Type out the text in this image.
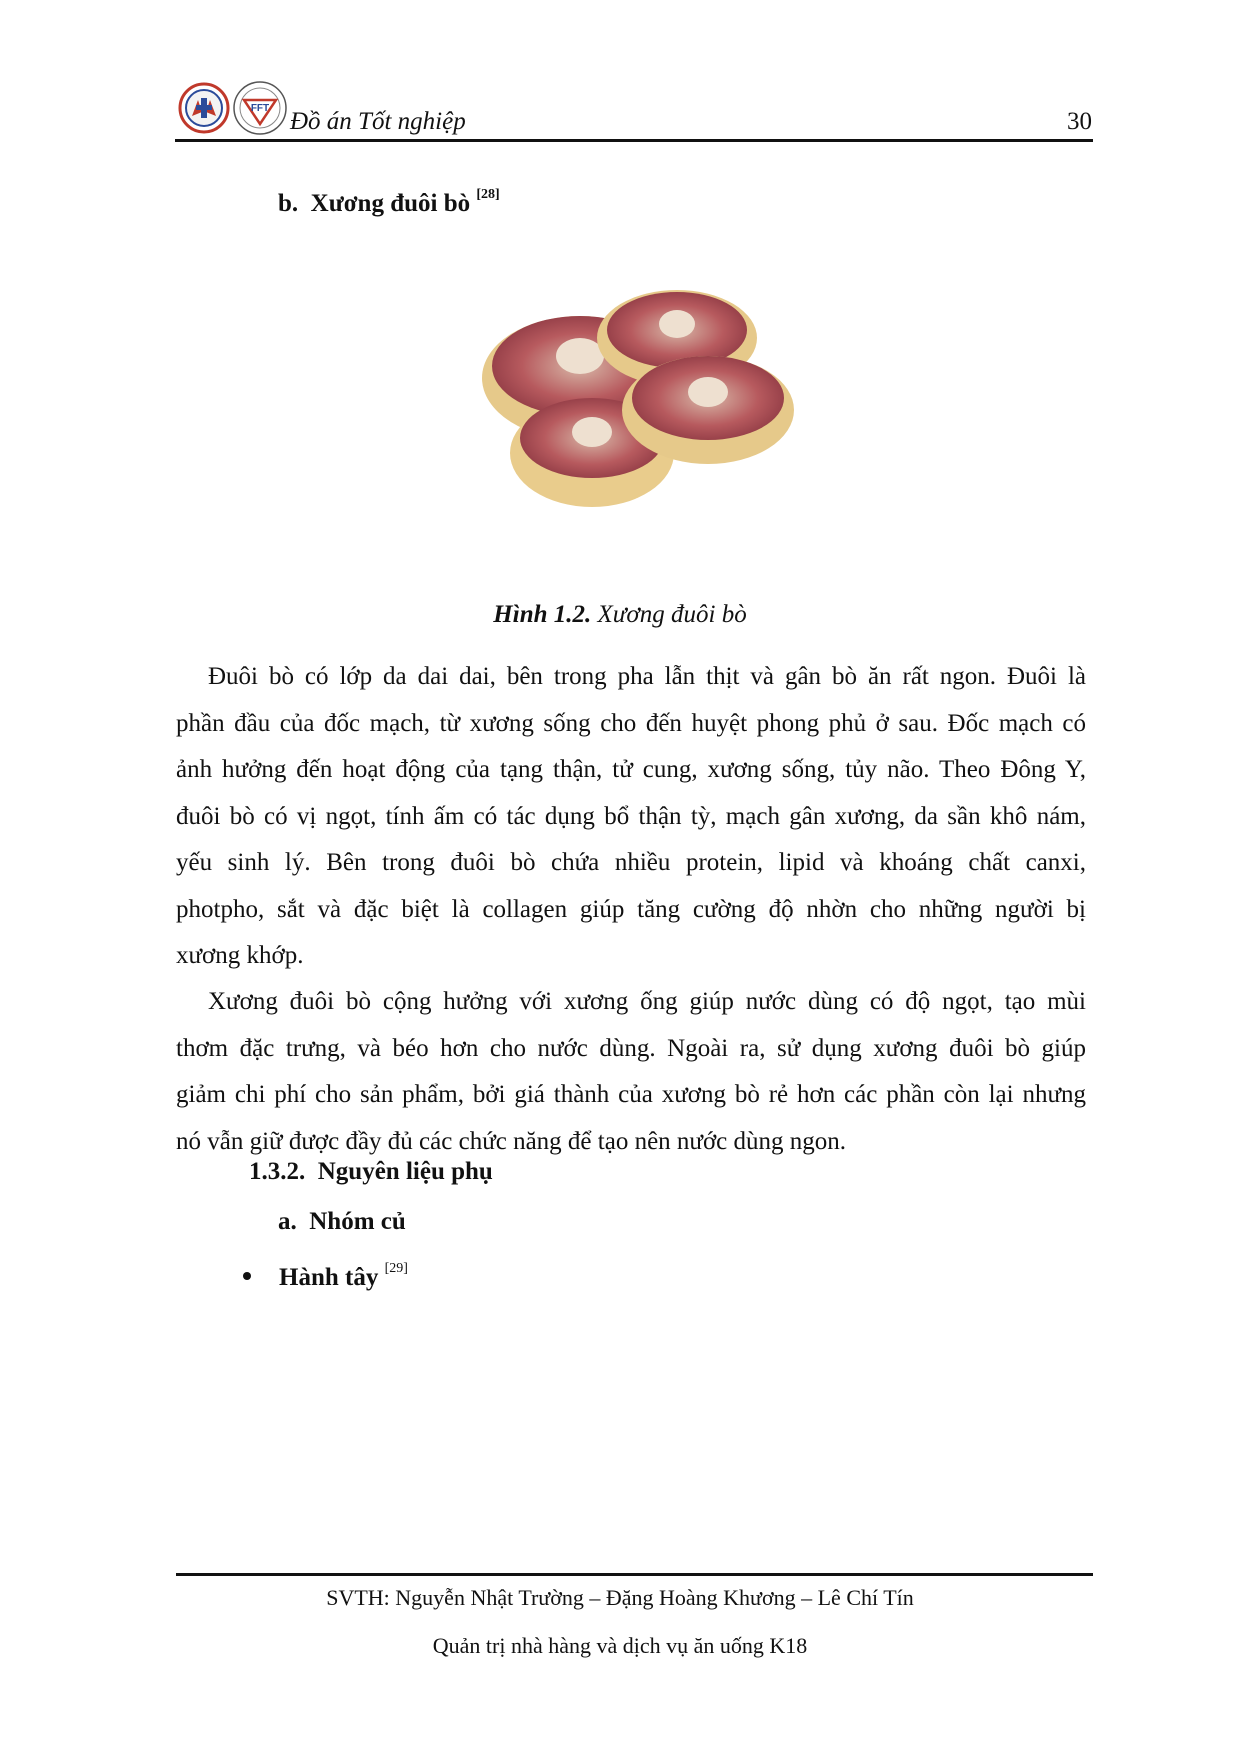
FFT Đồ án Tốt nghiệp	30
b. Xương đuôi bò [28]
Hình 1.2. Xương đuôi bò

Đuôi bò có lớp da dai dai, bên trong pha lẫn thịt và gân bò ăn rất ngon. Đuôi là
phần đầu của đốc mạch, từ xương sống cho đến huyệt phong phủ ở sau. Đốc mạch có
ảnh hưởng đến hoạt động của tạng thận, tử cung, xương sống, tủy não. Theo Đông Y,
đuôi bò có vị ngọt, tính ấm có tác dụng bổ thận tỳ, mạch gân xương, da sần khô nám,
yếu sinh lý. Bên trong đuôi bò chứa nhiều protein, lipid và khoáng chất canxi,
photpho, sắt và đặc biệt là collagen giúp tăng cường độ nhờn cho những người bị
xương khớp.

Xương đuôi bò cộng hưởng với xương ống giúp nước dùng có độ ngọt, tạo mùi
thơm đặc trưng, và béo hơn cho nước dùng. Ngoài ra, sử dụng xương đuôi bò giúp
giảm chi phí cho sản phẩm, bởi giá thành của xương bò rẻ hơn các phần còn lại nhưng
nó vẫn giữ được đầy đủ các chức năng để tạo nên nước dùng ngon.

1.3.2. Nguyên liệu phụ
a. Nhóm củ
Hành tây [29]
SVTH: Nguyễn Nhật Trường – Đặng Hoàng Khương – Lê Chí Tín
Quản trị nhà hàng và dịch vụ ăn uống K18
